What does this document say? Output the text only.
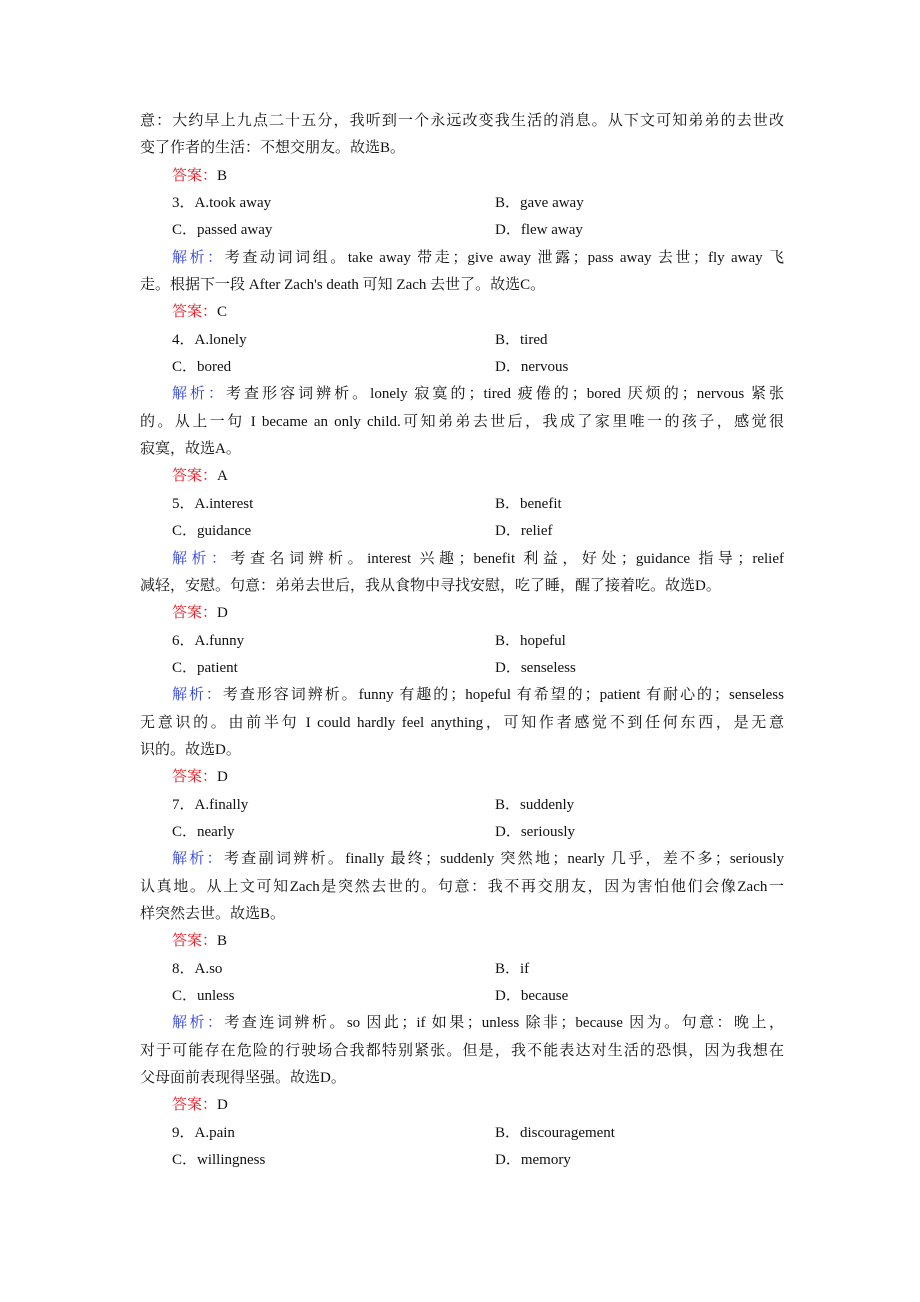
意：大约早上九点二十五分，我听到一个永远改变我生活的消息。从下文可知弟弟的去世改
变了作者的生活：不想交朋友。故选B。
答案：B
3．A.took away	B．gave away
C．passed away	D．flew away
解析：考查动词词组。take away 带走；give away 泄露；pass away 去世；fly away 飞
走。根据下一段 After Zach's death 可知 Zach 去世了。故选C。
答案：C
4．A.lonely	B．tired
C．bored	D．nervous
解析：考查形容词辨析。lonely 寂寞的；tired 疲倦的；bored 厌烦的；nervous 紧张
的。从上一句 I became an only child.可知弟弟去世后，我成了家里唯一的孩子，感觉很
寂寞，故选A。
答案：A
5．A.interest	B．benefit
C．guidance	D．relief
解析：考查名词辨析。interest 兴趣；benefit 利益，好处；guidance 指导；relief
减轻，安慰。句意：弟弟去世后，我从食物中寻找安慰，吃了睡，醒了接着吃。故选D。
答案：D
6．A.funny	B．hopeful
C．patient	D．senseless
解析：考查形容词辨析。funny 有趣的；hopeful 有希望的；patient 有耐心的；senseless
无意识的。由前半句 I could hardly feel anything，可知作者感觉不到任何东西，是无意
识的。故选D。
答案：D
7．A.finally	B．suddenly
C．nearly	D．seriously
解析：考查副词辨析。finally 最终；suddenly 突然地；nearly 几乎，差不多；seriously
认真地。从上文可知Zach是突然去世的。句意：我不再交朋友，因为害怕他们会像Zach一
样突然去世。故选B。
答案：B
8．A.so	B．if
C．unless	D．because
解析：考查连词辨析。so 因此；if 如果；unless 除非；because 因为。句意：晚上，
对于可能存在危险的行驶场合我都特别紧张。但是，我不能表达对生活的恐惧，因为我想在
父母面前表现得坚强。故选D。
答案：D
9．A.pain	B．discouragement
C．willingness	D．memory
